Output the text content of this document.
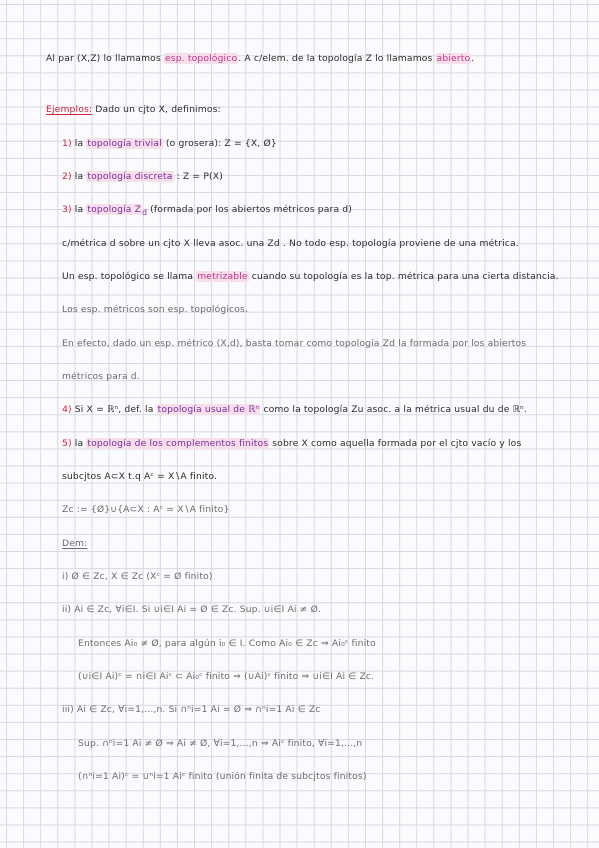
Al par (X,Z) lo llamamos esp. topológico. A c/elem. de la topología Z lo llamamos abierto.
Ejemplos: Dado un cjto X, definimos:
1) la topología trivial (o grosera): Z = {X, Ø}
2) la topología discreta : Z = P(X)
3) la topología $Z_d$ (formada por los abiertos métricos para d)
c/métrica d sobre un cjto X lleva asoc. una Zd . No todo esp. topología proviene de una métrica.
Un esp. topológico se llama metrizable cuando su topología es la top. métrica para una cierta distancia.
Los esp. métricos son esp. topológicos.
En efecto, dado un esp. métrico (X,d), basta tomar como topología Zd la formada por los abiertos
métricos para d.
4) Si X = ℝⁿ, def. la topología usual de ℝⁿ como la topología Zu asoc. a la métrica usual du de ℝⁿ.
5) la topología de los complementos finitos sobre X como aquella formada por el cjto vacío y los
subcjtos A⊂X t.q Aᶜ = X∖A finito.
Zc := {Ø}∪{A⊂X : Aᶜ = X∖A finito}
Dem:
i) Ø ∈ Zc, X ∈ Zc (Xᶜ = Ø finito)
ii) Ai ∈ Zc, ∀i∈I. Si ∪i∈I Ai = Ø ∈ Zc. Sup. ∪i∈I Ai ≠ Ø.
Entonces Ai₀ ≠ Ø, para algún i₀ ∈ I. Como Ai₀ ∈ Zc ⇒ Ai₀ᶜ finito
(∪i∈I Ai)ᶜ = ∩i∈I Aiᶜ ⊂ Ai₀ᶜ finito ⇒ (∪Ai)ᶜ finito ⇒ ∪i∈I Ai ∈ Zc.
iii) Ai ∈ Zc, ∀i=1,...,n. Si ∩ⁿi=1 Ai = Ø ⇒ ∩ⁿi=1 Ai ∈ Zc
Sup. ∩ⁿi=1 Ai ≠ Ø ⇒ Ai ≠ Ø, ∀i=1,...,n ⇒ Aiᶜ finito, ∀i=1,...,n
(∩ⁿi=1 Ai)ᶜ = ∪ⁿi=1 Aiᶜ finito (unión finita de subcjtos finitos)
